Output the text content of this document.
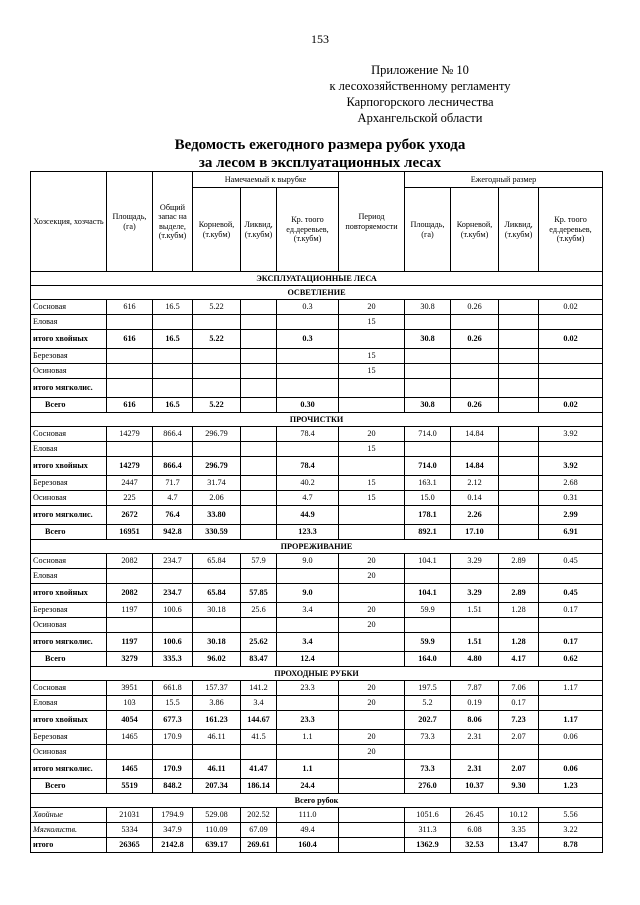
153
Приложение № 10
к лесохозяйственному регламенту
Карпогорского лесничества
Архангельской области
Ведомость ежегодного размера рубок ухода
за лесом в эксплуатационных лесах
Хозсекция, хозчасть	Площадь, (га)	Общий запас на выделе, (т.кубм)	Намечаемый к вырубке			Период повторяемости	Ежегодный размер			
			Корневой, (т.кубм)	Ликвид, (т.кубм)	Кр. тоого ед.деревьев, (т.кубм)		Площадь, (га)	Корневой, (т.кубм)	Ликвид, (т.кубм)	Кр. тоого ед.деревьев, (т.кубм)
ЭКСПЛУАТАЦИОННЫЕ ЛЕСА										
ОСВЕТЛЕНИЕ										
Сосновая	616	16.5	5.22		0.3	20	30.8	0.26		0.02
Еловая						15				
итого хвойных	616	16.5	5.22		0.3		30.8	0.26		0.02
Березовая						15				
Осиновая						15				
итого мягколис.										
Всего	616	16.5	5.22		0.30		30.8	0.26		0.02
ПРОЧИСТКИ										
Сосновая	14279	866.4	296.79		78.4	20	714.0	14.84		3.92
Еловая						15				
итого хвойных	14279	866.4	296.79		78.4		714.0	14.84		3.92
Березовая	2447	71.7	31.74		40.2	15	163.1	2.12		2.68
Осиновая	225	4.7	2.06		4.7	15	15.0	0.14		0.31
итого мягколис.	2672	76.4	33.80		44.9		178.1	2.26		2.99
Всего	16951	942.8	330.59		123.3		892.1	17.10		6.91
ПРОРЕЖИВАНИЕ										
Сосновая	2082	234.7	65.84	57.9	9.0	20	104.1	3.29	2.89	0.45
Еловая						20				
итого хвойных	2082	234.7	65.84	57.85	9.0		104.1	3.29	2.89	0.45
Березовая	1197	100.6	30.18	25.6	3.4	20	59.9	1.51	1.28	0.17
Осиновая						20				
итого мягколис.	1197	100.6	30.18	25.62	3.4		59.9	1.51	1.28	0.17
Всего	3279	335.3	96.02	83.47	12.4		164.0	4.80	4.17	0.62
ПРОХОДНЫЕ РУБКИ										
Сосновая	3951	661.8	157.37	141.2	23.3	20	197.5	7.87	7.06	1.17
Еловая	103	15.5	3.86	3.4		20	5.2	0.19	0.17	
итого хвойных	4054	677.3	161.23	144.67	23.3		202.7	8.06	7.23	1.17
Березовая	1465	170.9	46.11	41.5	1.1	20	73.3	2.31	2.07	0.06
Осиновая						20				
итого мягколис.	1465	170.9	46.11	41.47	1.1		73.3	2.31	2.07	0.06
Всего	5519	848.2	207.34	186.14	24.4		276.0	10.37	9.30	1.23
Всего рубок										
Хвойные	21031	1794.9	529.08	202.52	111.0		1051.6	26.45	10.12	5.56
Мягколиств.	5334	347.9	110.09	67.09	49.4		311.3	6.08	3.35	3.22
итого	26365	2142.8	639.17	269.61	160.4		1362.9	32.53	13.47	8.78
